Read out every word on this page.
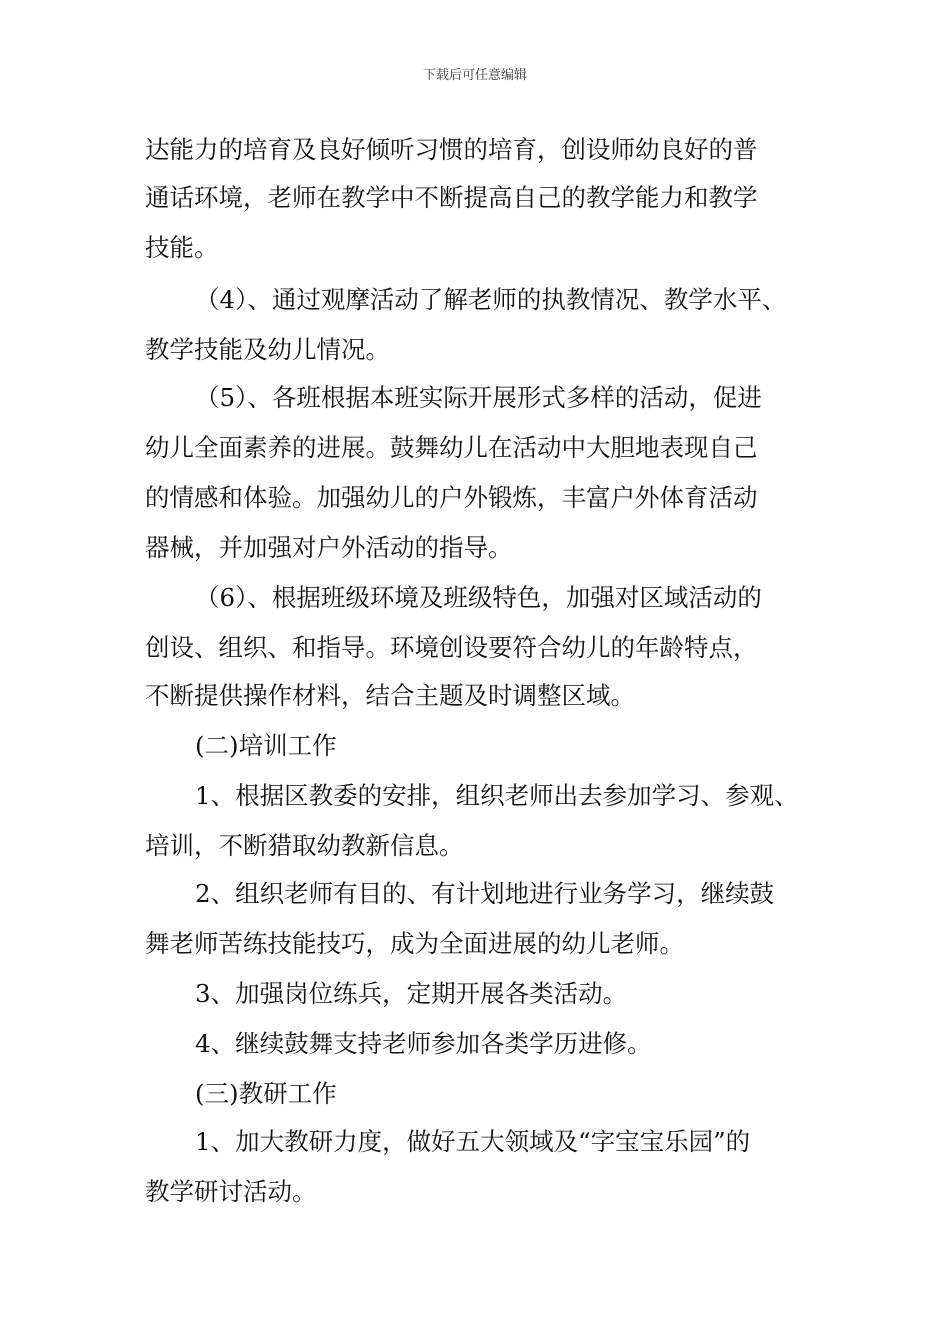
下载后可任意编辑
达能力的培育及良好倾听习惯的培育，创设师幼良好的普
通话环境，老师在教学中不断提高自己的教学能力和教学
技能。
（4）、通过观摩活动了解老师的执教情况、教学水平、
教学技能及幼儿情况。
（5）、各班根据本班实际开展形式多样的活动，促进
幼儿全面素养的进展。鼓舞幼儿在活动中大胆地表现自己
的情感和体验。加强幼儿的户外锻炼，丰富户外体育活动
器械，并加强对户外活动的指导。
（6）、根据班级环境及班级特色，加强对区域活动的
创设、组织、和指导。环境创设要符合幼儿的年龄特点，
不断提供操作材料，结合主题及时调整区域。
(二)培训工作
1、根据区教委的安排，组织老师出去参加学习、参观、
培训，不断猎取幼教新信息。
2、组织老师有目的、有计划地进行业务学习，继续鼓
舞老师苦练技能技巧，成为全面进展的幼儿老师。
3、加强岗位练兵，定期开展各类活动。
4、继续鼓舞支持老师参加各类学历进修。
(三)教研工作
1、加大教研力度，做好五大领域及“字宝宝乐园”的
教学研讨活动。
